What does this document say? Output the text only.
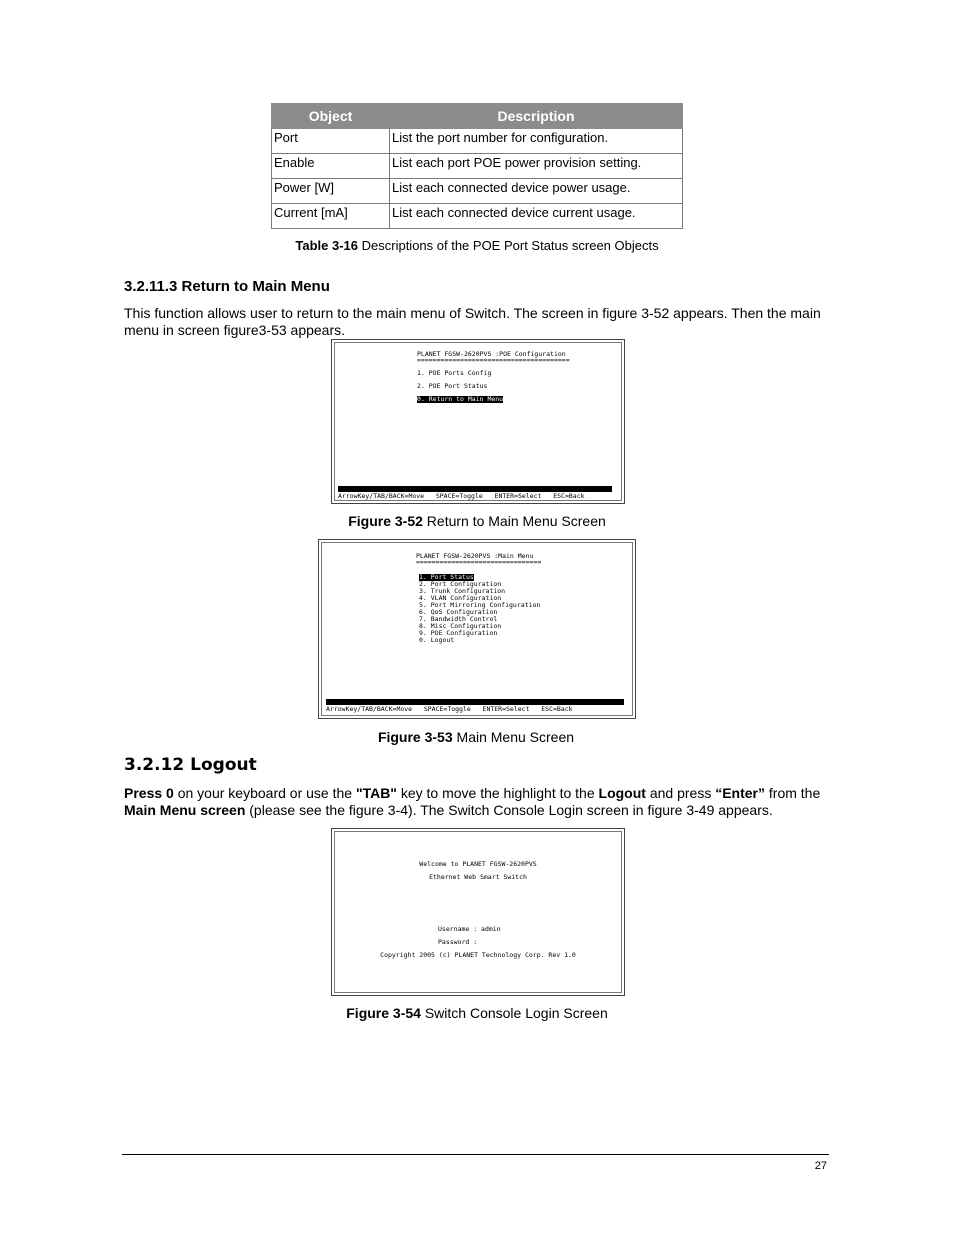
Object	Description
Port	List the port number for configuration.
Enable	List each port POE power provision setting.
Power [W]	List each connected device power usage.
Current [mA]	List each connected device current usage.
Table 3-16 Descriptions of the POE Port Status screen Objects
3.2.11.3 Return to Main Menu
This function allows user to return to the main menu of Switch. The screen in figure 3-52 appears. Then the main menu in screen figure3-53 appears.
PLANET FGSW-2620PVS :POE Configuration
=======================================
1. POE Ports Config
2. POE Port Status
0. Return to Main Menu
ArrowKey/TAB/BACK=Move   SPACE=Toggle   ENTER=Select   ESC=Back
Figure 3-52 Return to Main Menu Screen
PLANET FGSW-2620PVS :Main Menu
================================
1. Port Status
2. Port Configuration
3. Trunk Configuration
4. VLAN Configuration
5. Port Mirroring Configuration
6. QoS Configuration
7. Bandwidth Control
8. Misc Configuration
9. POE Configuration
0. Logout
ArrowKey/TAB/BACK=Move   SPACE=Toggle   ENTER=Select   ESC=Back
Figure 3-53 Main Menu Screen
3.2.12 Logout
Press 0 on your keyboard or use the "TAB" key to move the highlight to the Logout and press “Enter” from the Main Menu screen (please see the figure 3-4). The Switch Console Login screen in figure 3-49 appears.
Welcome to PLANET FGSW-2620PVS
Ethernet Web Smart Switch
Username : admin
Password :
Copyright 2005 (c) PLANET Technology Corp. Rev 1.0
Figure 3-54 Switch Console Login Screen
27
